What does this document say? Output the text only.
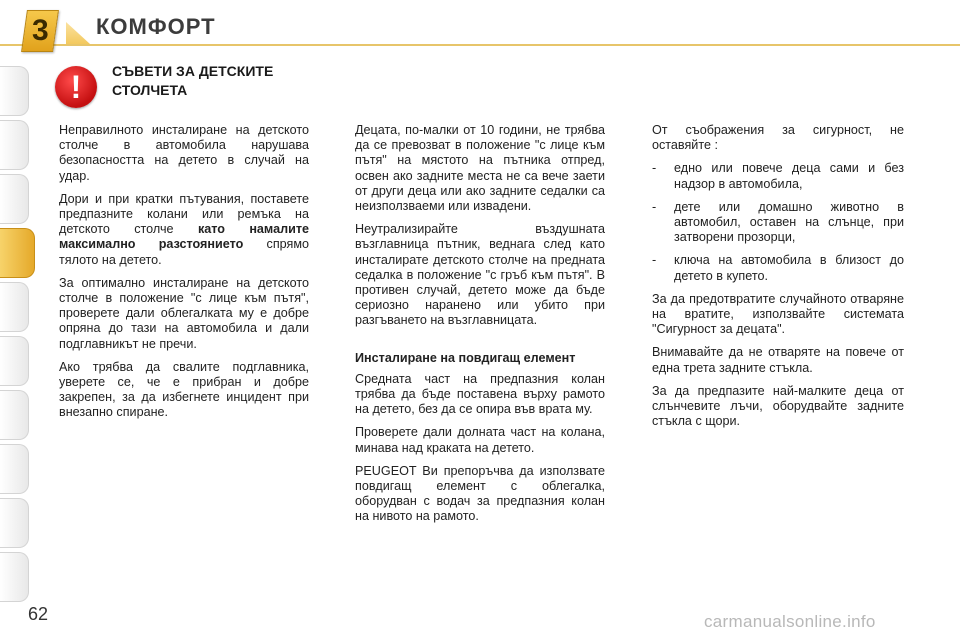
3 КОМФОРТ
!	СЪВЕТИ ЗА ДЕТСКИТЕ
СТОЛЧЕТА

Неправилното инсталиране на детското столче в автомобила нарушава безопасността на детето в случай на удар.

Дори и при кратки пътувания, поставете предпазните колани или ремъка на детското столче като намалите максимално разстоянието спрямо тялото на детето.

За оптимално инсталиране на детското столче в положение "с лице към пътя", проверете дали облегалката му е добре опряна до тази на автомобила и дали подглавникът не пречи.

Ако трябва да свалите подглавника, уверете се, че е прибран и добре закрепен, за да избегнете инцидент при внезапно спиране.

Децата, по-малки от 10 години, не трябва да се превозват в положение "с лице към пътя" на мястото на пътника отпред, освен ако задните места не са вече заети от други деца или ако задните седалки са неизползваеми или извадени.

Неутрализирайте въздушната възглавница пътник, веднага след като инсталирате детското столче на предната седалка в положение "с гръб към пътя". В противен случай, детето може да бъде сериозно наранено или убито при разгъването на възглавницата.

Инсталиране на повдигащ елемент

Средната част на предпазния колан трябва да бъде поставена върху рамото на детето, без да се опира във врата му.

Проверете дали долната част на колана, минава над краката на детето.

PEUGEOT Ви препоръчва да използвате повдигащ елемент с облегалка, оборудван с водач за предпазния колан на нивото на рамото.

От съображения за сигурност, не оставяйте :

- едно или повече деца сами и без надзор в автомобила,
- дете или домашно животно в автомобил, оставен на слънце, при затворени прозорци,
- ключа на автомобила в близост до детето в купето.

За да предотвратите случайното отваряне на вратите, използвайте системата "Сигурност за децата".

Внимавайте да не отваряте на повече от една трета задните стъкла.

За да предпазите най-малките деца от слънчевите лъчи, оборудвайте задните стъкла с щори.

62	carmanualsonline.info
